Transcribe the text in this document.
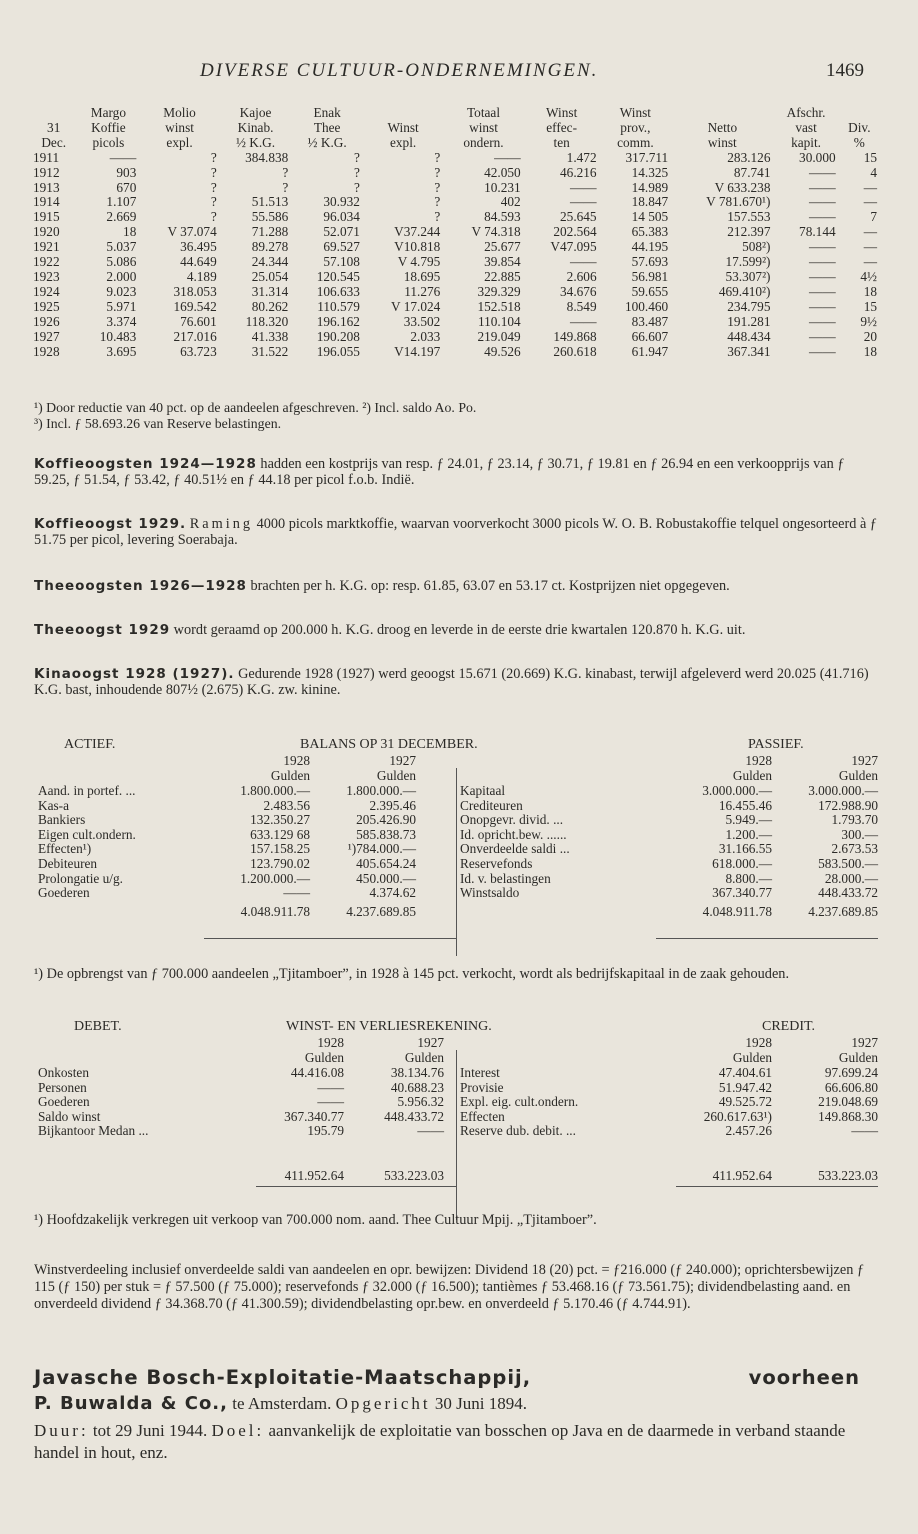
DIVERSE CULTUUR-ONDERNEMINGEN.	1469
	Margo	Molio	Kajoe	Enak		Totaal	Winst	Winst		Afschr.	
31	Koffie	winst	Kinab.	Thee	Winst	winst	effec-	prov.,	Netto	vast	Div.
Dec.	picols	expl.	½ K.G.	½ K.G.	expl.	ondern.	ten	comm.	winst	kapit.	%
1911	——	?	384.838	?	?	——	1.472	317.711	283.126	30.000	15
1912	903	?	?	?	?	42.050	46.216	14.325	87.741	——	4
1913	670	?	?	?	?	10.231	——	14.989	V 633.238	——	—
1914	1.107	?	51.513	30.932	?	402	——	18.847	V 781.670¹)	——	—
1915	2.669	?	55.586	96.034	?	84.593	25.645	14 505	157.553	——	7
1920	18	V 37.074	71.288	52.071	V37.244	V 74.318	202.564	65.383	212.397	78.144	—
1921	5.037	36.495	89.278	69.527	V10.818	25.677	V47.095	44.195	508²)	——	—
1922	5.086	44.649	24.344	57.108	V 4.795	39.854	——	57.693	17.599²)	——	—
1923	2.000	4.189	25.054	120.545	18.695	22.885	2.606	56.981	53.307²)	——	4½
1924	9.023	318.053	31.314	106.633	11.276	329.329	34.676	59.655	469.410²)	——	18
1925	5.971	169.542	80.262	110.579	V 17.024	152.518	8.549	100.460	234.795	——	15
1926	3.374	76.601	118.320	196.162	33.502	110.104	——	83.487	191.281	——	9½
1927	10.483	217.016	41.338	190.208	2.033	219.049	149.868	66.607	448.434	——	20
1928	3.695	63.723	31.522	196.055	V14.197	49.526	260.618	61.947	367.341	——	18
¹) Door reductie van 40 pct. op de aandeelen afgeschreven. ²) Incl. saldo Ao. Po.
³) Incl. ƒ 58.693.26 van Reserve belastingen.
Koffieoogsten 1924—1928 hadden een kostprijs van resp. ƒ 24.01, ƒ 23.14, ƒ 30.71, ƒ 19.81 en ƒ 26.94 en een verkoopprijs van ƒ 59.25, ƒ 51.54, ƒ 53.42, ƒ 40.51½ en ƒ 44.18 per picol f.o.b. Indië.
Koffieoogst 1929. Raming 4000 picols marktkoffie, waarvan voorverkocht 3000 picols W. O. B. Robustakoffie telquel ongesorteerd à ƒ 51.75 per picol, levering Soerabaja.
Theeoogsten 1926—1928 brachten per h. K.G. op: resp. 61.85, 63.07 en 53.17 ct. Kostprijzen niet opgegeven.
Theeoogst 1929 wordt geraamd op 200.000 h. K.G. droog en leverde in de eerste drie kwartalen 120.870 h. K.G. uit.
Kinaoogst 1928 (1927). Gedurende 1928 (1927) werd geoogst 15.671 (20.669) K.G. kinabast, terwijl afgeleverd werd 20.025 (41.716) K.G. bast, inhoudende 807½ (2.675) K.G. zw. kinine.
ACTIEF.	BALANS OP 31 DECEMBER.	PASSIEF.
1928	1927
Gulden	Gulden
1928	1927
Gulden	Gulden
Aand. in portef. ...	1.800.000.—	1.800.000.—	Kapitaal	3.000.000.—	3.000.000.—
Kas-a	2.483.56	2.395.46	Crediteuren	16.455.46	172.988.90
Bankiers	132.350.27	205.426.90	Onopgevr. divid. ...	5.949.—	1.793.70
Eigen cult.ondern.	633.129 68	585.838.73	Id. opricht.bew. ......	1.200.—	300.—
Effecten¹)	157.158.25	¹)784.000.—	Onverdeelde saldi ...	31.166.55	2.673.53
Debiteuren	123.790.02	405.654.24	Reservefonds	618.000.—	583.500.—
Prolongatie u/g.	1.200.000.—	450.000.—	Id. v. belastingen	8.800.—	28.000.—
Goederen	——	4.374.62	Winstsaldo	367.340.77	448.433.72
4.048.911.78	4.237.689.85	4.048.911.78	4.237.689.85
¹) De opbrengst van ƒ 700.000 aandeelen „Tjitamboer”, in 1928 à 145 pct. verkocht, wordt als bedrijfskapitaal in de zaak gehouden.
DEBET.	WINST- EN VERLIESREKENING.	CREDIT.
1928	1927
Gulden	Gulden
1928	1927
Gulden	Gulden
Onkosten	44.416.08	38.134.76 Interest	47.404.61	97.699.24
Personen	——	40.688.23 Provisie	51.947.42	66.606.80
Goederen	——	5.956.32 Expl. eig. cult.ondern.	49.525.72	219.048.69
Saldo winst	367.340.77	448.433.72 Effecten	260.617.63¹)	149.868.30
Bijkantoor Medan ...	195.79	—— Reserve dub. debit. ...	2.457.26	——
411.952.64	533.223.03	411.952.64	533.223.03
¹) Hoofdzakelijk verkregen uit verkoop van 700.000 nom. aand. Thee Cultuur Mpij. „Tjitamboer”.
Winstverdeeling inclusief onverdeelde saldi van aandeelen en opr. bewijzen: Dividend 18 (20) pct. = ƒ216.000 (ƒ 240.000); oprichtersbewijzen ƒ 115 (ƒ 150) per stuk = ƒ 57.500 (ƒ 75.000); reservefonds ƒ 32.000 (ƒ 16.500); tantièmes ƒ 53.468.16 (ƒ 73.561.75); dividendbelasting aand. en onverdeeld dividend ƒ 34.368.70 (ƒ 41.300.59); dividendbelasting opr.bew. en onverdeeld ƒ 5.170.46 (ƒ 4.744.91).
Javasche Bosch-Exploitatie-Maatschappij,	voorheen
P. Buwalda & Co., te Amsterdam. Opgericht 30 Juni 1894.
Duur: tot 29 Juni 1944. Doel: aanvankelijk de exploitatie van bosschen op Java en de daarmede in verband staande handel in hout, enz.
